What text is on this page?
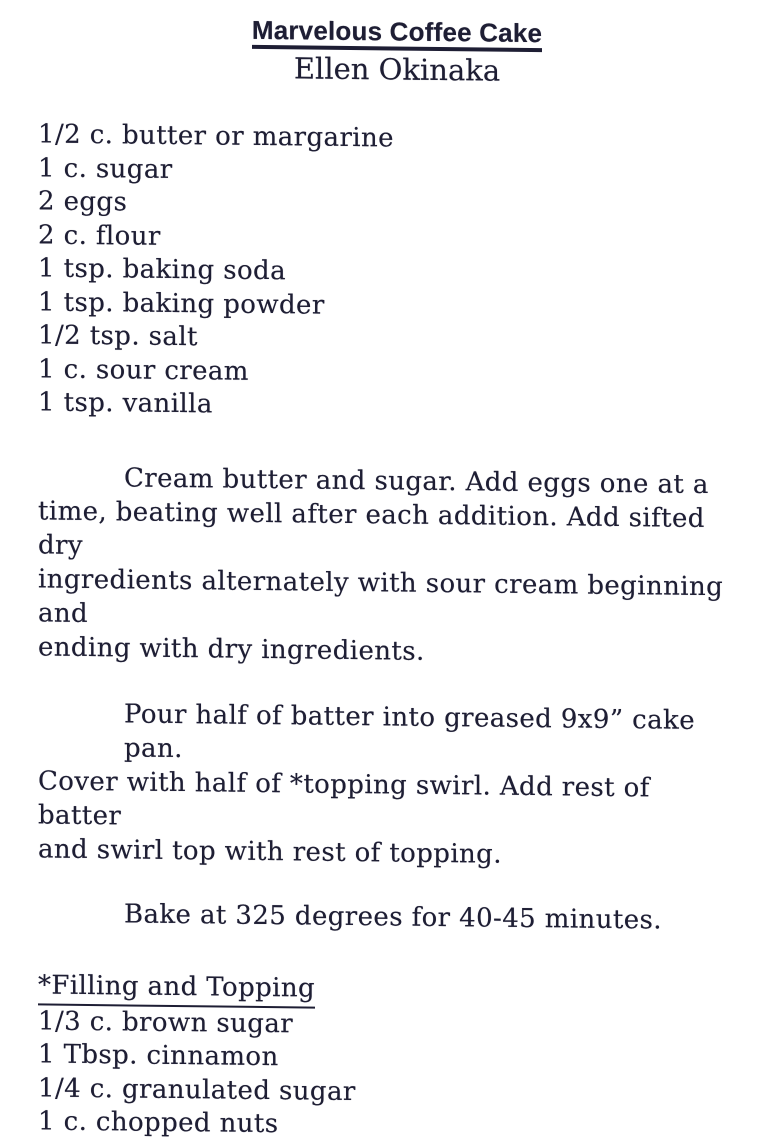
Marvelous Coffee Cake
Ellen Okinaka
1/2 c. butter or margarine
1 c. sugar
2 eggs
2 c. flour
1 tsp. baking soda
1 tsp. baking powder
1/2 tsp. salt
1 c. sour cream
1 tsp. vanilla
Cream butter and sugar. Add eggs one at a
time, beating well after each addition. Add sifted dry
ingredients alternately with sour cream beginning and
ending with dry ingredients.
Pour half of batter into greased 9x9” cake pan.
Cover with half of *topping swirl. Add rest of batter
and swirl top with rest of topping.
Bake at 325 degrees for 40-45 minutes.
*Filling and Topping
1/3 c. brown sugar
1 Tbsp. cinnamon
1/4 c. granulated sugar
1 c. chopped nuts
